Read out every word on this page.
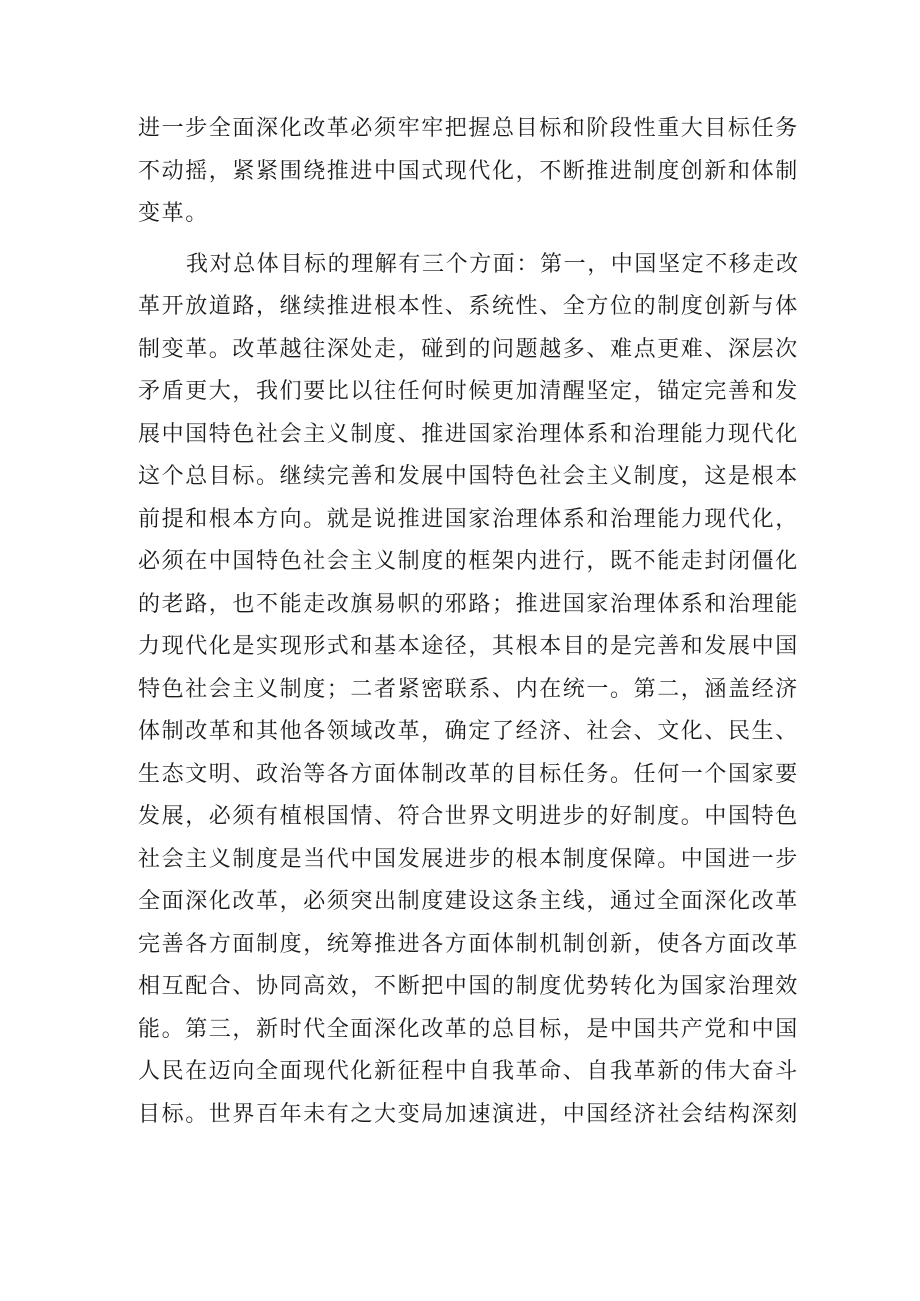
进一步全面深化改革必须牢牢把握总目标和阶段性重大目标任务
不动摇，紧紧围绕推进中国式现代化，不断推进制度创新和体制
变革。
我对总体目标的理解有三个方面：第一，中国坚定不移走改
革开放道路，继续推进根本性、系统性、全方位的制度创新与体
制变革。改革越往深处走，碰到的问题越多、难点更难、深层次
矛盾更大，我们要比以往任何时候更加清醒坚定，锚定完善和发
展中国特色社会主义制度、推进国家治理体系和治理能力现代化
这个总目标。继续完善和发展中国特色社会主义制度，这是根本
前提和根本方向。就是说推进国家治理体系和治理能力现代化，
必须在中国特色社会主义制度的框架内进行，既不能走封闭僵化
的老路，也不能走改旗易帜的邪路；推进国家治理体系和治理能
力现代化是实现形式和基本途径，其根本目的是完善和发展中国
特色社会主义制度；二者紧密联系、内在统一。第二，涵盖经济
体制改革和其他各领域改革，确定了经济、社会、文化、民生、
生态文明、政治等各方面体制改革的目标任务。任何一个国家要
发展，必须有植根国情、符合世界文明进步的好制度。中国特色
社会主义制度是当代中国发展进步的根本制度保障。中国进一步
全面深化改革，必须突出制度建设这条主线，通过全面深化改革
完善各方面制度，统筹推进各方面体制机制创新，使各方面改革
相互配合、协同高效，不断把中国的制度优势转化为国家治理效
能。第三，新时代全面深化改革的总目标，是中国共产党和中国
人民在迈向全面现代化新征程中自我革命、自我革新的伟大奋斗
目标。世界百年未有之大变局加速演进，中国经济社会结构深刻
